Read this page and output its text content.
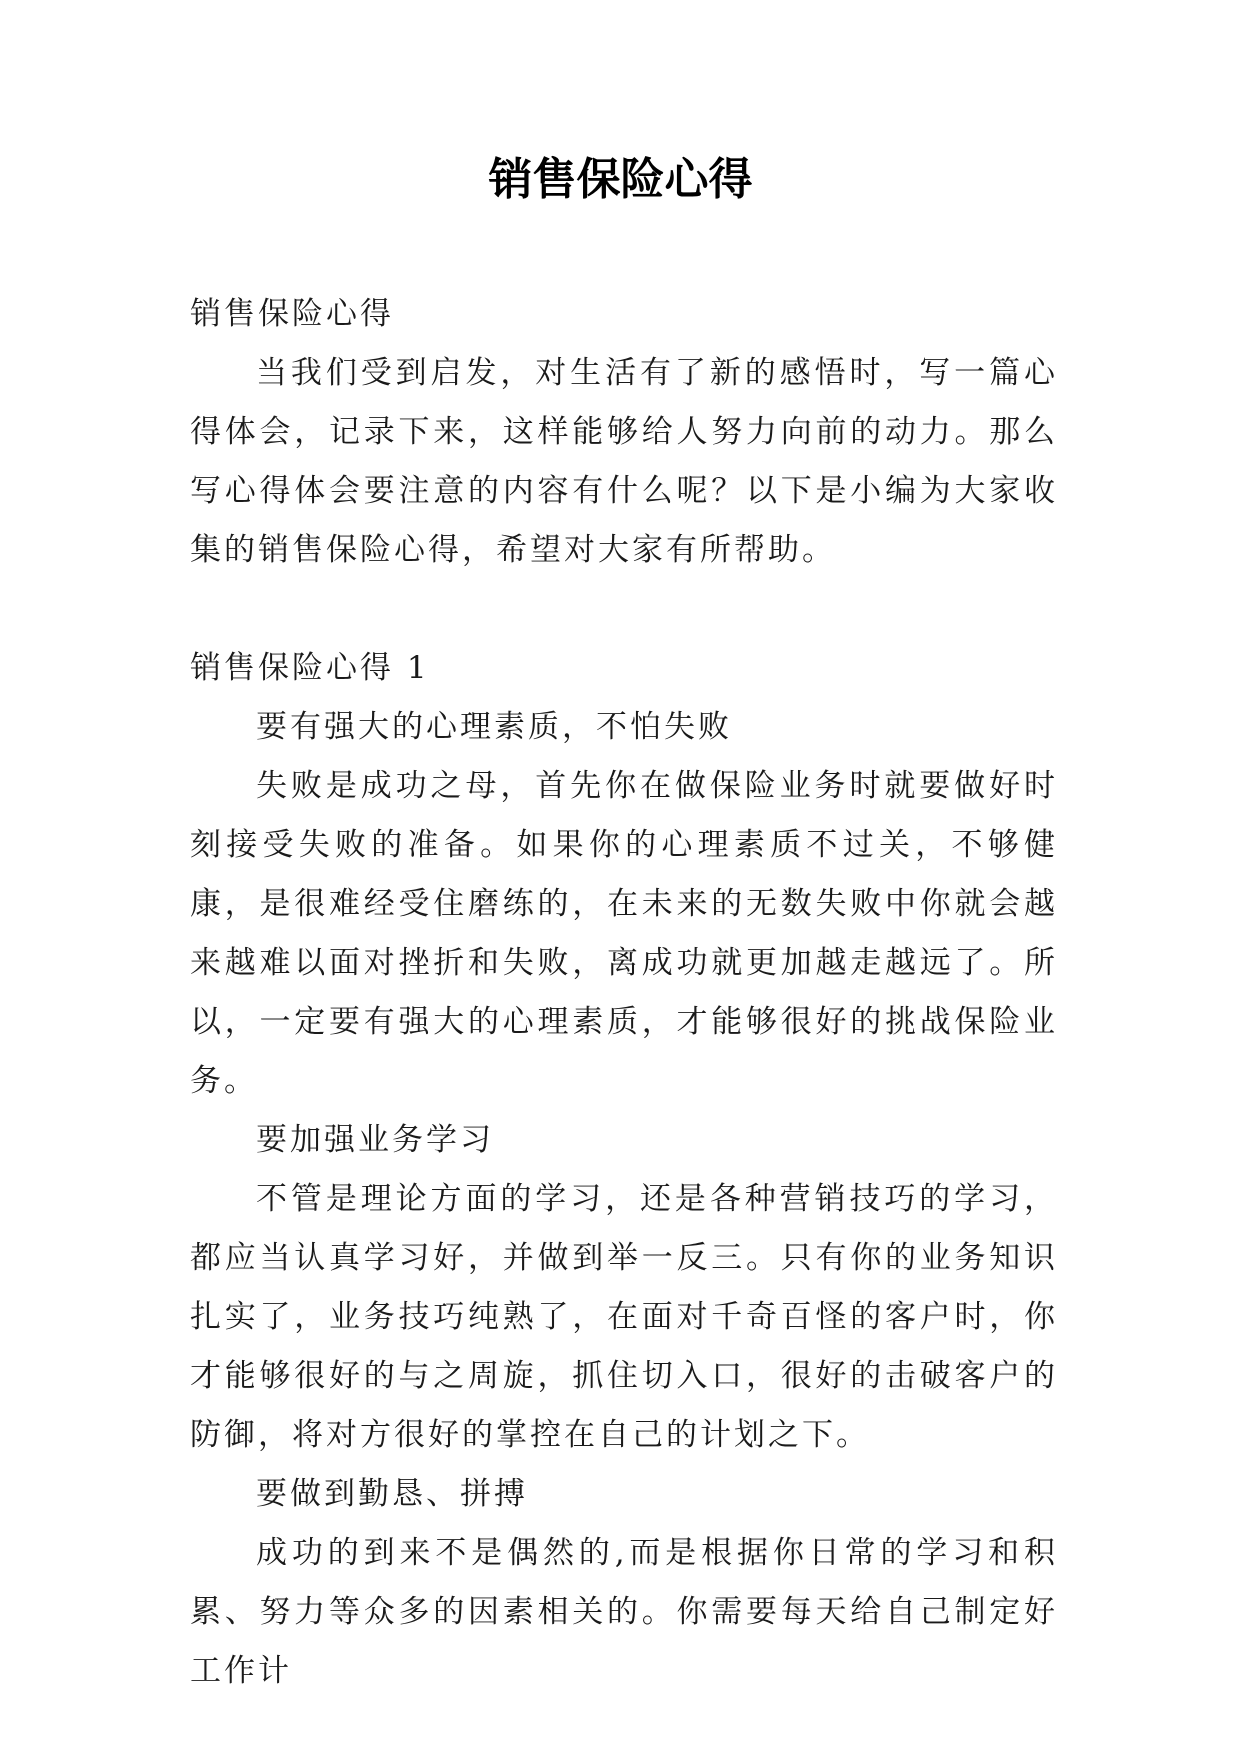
销售保险心得

销售保险心得

当我们受到启发，对生活有了新的感悟时，写一篇心得体会，记录下来，这样能够给人努力向前的动力。那么写心得体会要注意的内容有什么呢？以下是小编为大家收集的销售保险心得，希望对大家有所帮助。

销售保险心得 1

要有强大的心理素质，不怕失败

失败是成功之母，首先你在做保险业务时就要做好时刻接受失败的准备。如果你的心理素质不过关，不够健康，是很难经受住磨练的，在未来的无数失败中你就会越来越难以面对挫折和失败，离成功就更加越走越远了。所以，一定要有强大的心理素质，才能够很好的挑战保险业务。

要加强业务学习

不管是理论方面的学习，还是各种营销技巧的学习，都应当认真学习好，并做到举一反三。只有你的业务知识扎实了，业务技巧纯熟了，在面对千奇百怪的客户时，你才能够很好的与之周旋，抓住切入口，很好的击破客户的防御，将对方很好的掌控在自己的计划之下。

要做到勤恳、拼搏

成功的到来不是偶然的,而是根据你日常的学习和积累、努力等众多的因素相关的。你需要每天给自己制定好工作计
